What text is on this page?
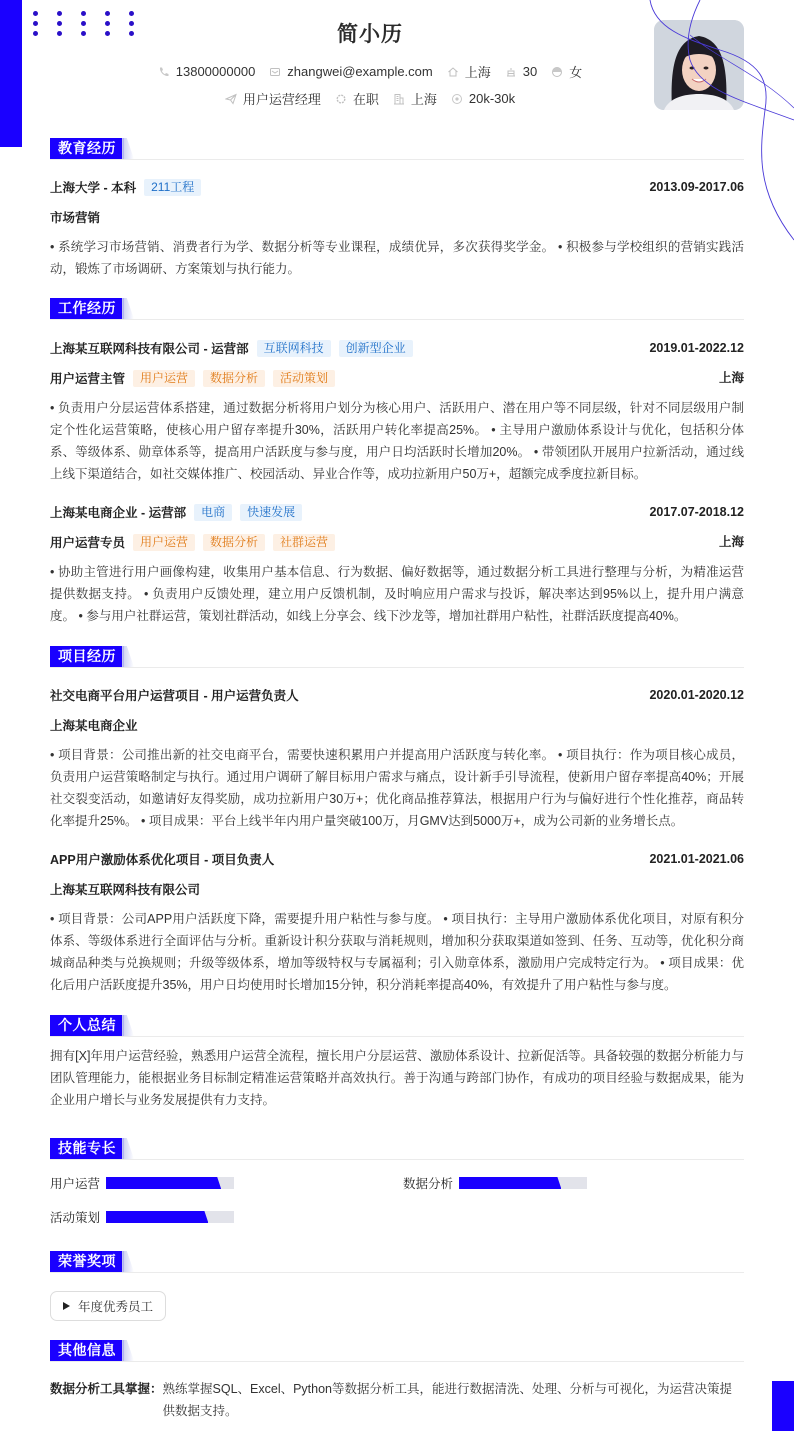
简小历
13800000000 zhangwei@example.com 上海 30 女
用户运营经理 在职 上海 20k-30k
教育经历
上海大学 - 本科	211工程	2013.09-2017.06
市场营销
• 系统学习市场营销、消费者行为学、数据分析等专业课程，成绩优异，多次获得奖学金。 • 积极参与学校组织的营销实践活动，锻炼了市场调研、方案策划与执行能力。
工作经历
上海某互联网科技有限公司 - 运营部	互联网科技	创新型企业	2019.01-2022.12
用户运营主管	用户运营	数据分析	活动策划	上海
• 负责用户分层运营体系搭建，通过数据分析将用户划分为核心用户、活跃用户、潜在用户等不同层级，针对不同层级用户制定个性化运营策略，使核心用户留存率提升30%，活跃用户转化率提高25%。 • 主导用户激励体系设计与优化，包括积分体系、等级体系、勋章体系等，提高用户活跃度与参与度，用户日均活跃时长增加20%。 • 带领团队开展用户拉新活动，通过线上线下渠道结合，如社交媒体推广、校园活动、异业合作等，成功拉新用户50万+，超额完成季度拉新目标。
上海某电商企业 - 运营部	电商	快速发展	2017.07-2018.12
用户运营专员	用户运营	数据分析	社群运营	上海
• 协助主管进行用户画像构建，收集用户基本信息、行为数据、偏好数据等，通过数据分析工具进行整理与分析，为精准运营提供数据支持。 • 负责用户反馈处理，建立用户反馈机制，及时响应用户需求与投诉，解决率达到95%以上，提升用户满意度。 • 参与用户社群运营，策划社群活动，如线上分享会、线下沙龙等，增加社群用户粘性，社群活跃度提高40%。
项目经历
社交电商平台用户运营项目 - 用户运营负责人	2020.01-2020.12
上海某电商企业
• 项目背景：公司推出新的社交电商平台，需要快速积累用户并提高用户活跃度与转化率。 • 项目执行：作为项目核心成员，负责用户运营策略制定与执行。通过用户调研了解目标用户需求与痛点，设计新手引导流程，使新用户留存率提高40%；开展社交裂变活动，如邀请好友得奖励，成功拉新用户30万+；优化商品推荐算法，根据用户行为与偏好进行个性化推荐，商品转化率提升25%。 • 项目成果：平台上线半年内用户量突破100万，月GMV达到5000万+，成为公司新的业务增长点。
APP用户激励体系优化项目 - 项目负责人	2021.01-2021.06
上海某互联网科技有限公司
• 项目背景：公司APP用户活跃度下降，需要提升用户粘性与参与度。 • 项目执行：主导用户激励体系优化项目，对原有积分体系、等级体系进行全面评估与分析。重新设计积分获取与消耗规则，增加积分获取渠道如签到、任务、互动等，优化积分商城商品种类与兑换规则；升级等级体系，增加等级特权与专属福利；引入勋章体系，激励用户完成特定行为。 • 项目成果：优化后用户活跃度提升35%，用户日均使用时长增加15分钟，积分消耗率提高40%，有效提升了用户粘性与参与度。
个人总结
拥有[X]年用户运营经验，熟悉用户运营全流程，擅长用户分层运营、激励体系设计、拉新促活等。具备较强的数据分析能力与团队管理能力，能根据业务目标制定精准运营策略并高效执行。善于沟通与跨部门协作，有成功的项目经验与数据成果，能为企业用户增长与业务发展提供有力支持。
技能专长
用户运营	数据分析
活动策划
荣誉奖项
年度优秀员工
其他信息
数据分析工具掌握： 熟练掌握SQL、Excel、Python等数据分析工具，能进行数据清洗、处理、分析与可视化，为运营决策提供数据支持。
